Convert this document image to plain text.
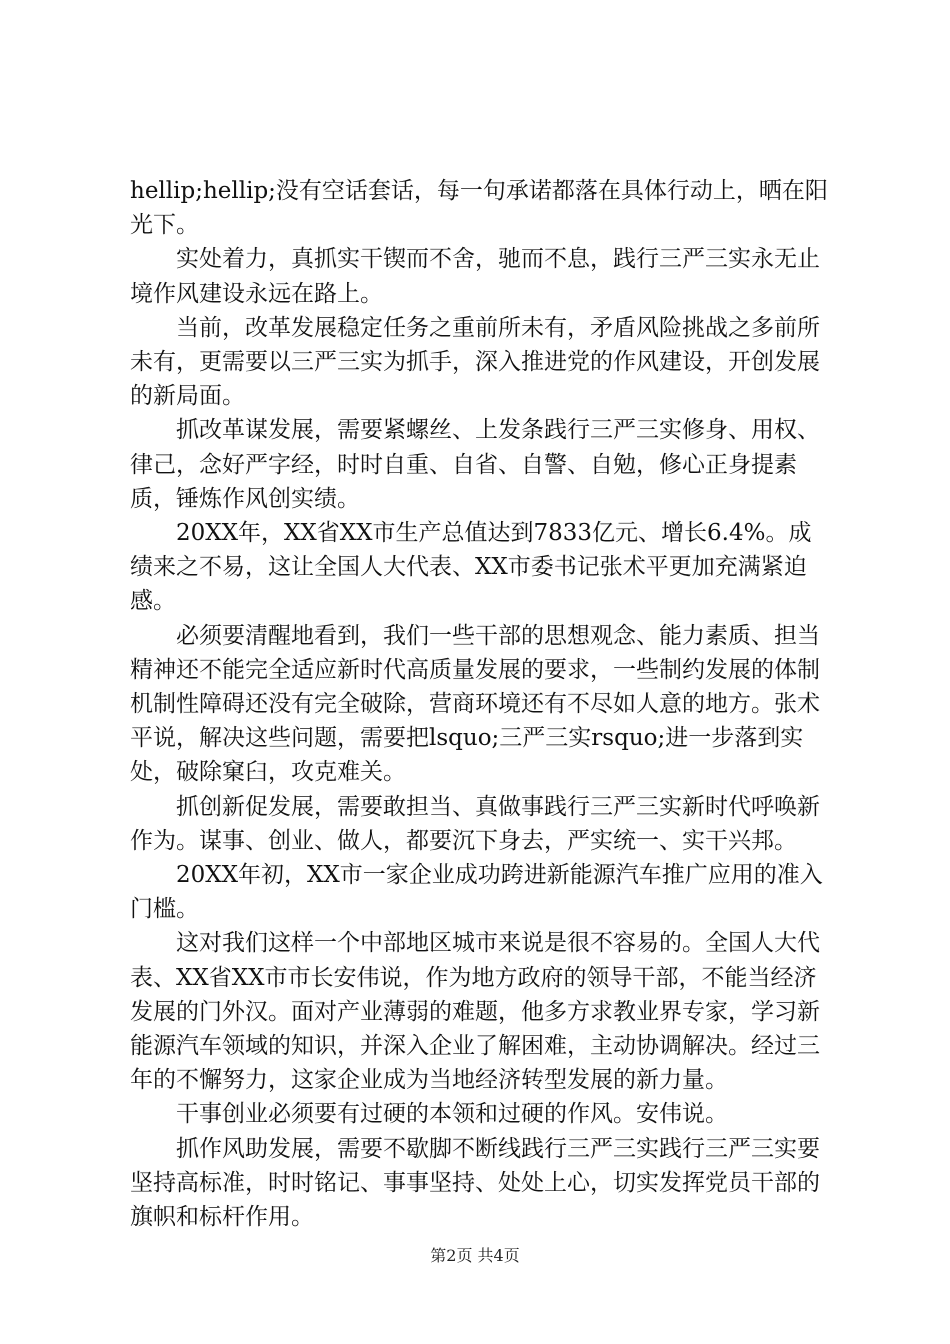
hellip;hellip;没有空话套话，每一句承诺都落在具体行动上，晒在阳光下。

实处着力，真抓实干锲而不舍，驰而不息，践行三严三实永无止境作风建设永远在路上。

当前，改革发展稳定任务之重前所未有，矛盾风险挑战之多前所未有，更需要以三严三实为抓手，深入推进党的作风建设，开创发展的新局面。

抓改革谋发展，需要紧螺丝、上发条践行三严三实修身、用权、律己，念好严字经，时时自重、自省、自警、自勉，修心正身提素质，锤炼作风创实绩。

20XX年，XX省XX市生产总值达到7833亿元、增长6.4%。成绩来之不易，这让全国人大代表、XX市委书记张术平更加充满紧迫感。

必须要清醒地看到，我们一些干部的思想观念、能力素质、担当精神还不能完全适应新时代高质量发展的要求，一些制约发展的体制机制性障碍还没有完全破除，营商环境还有不尽如人意的地方。张术平说，解决这些问题，需要把lsquo;三严三实rsquo;进一步落到实处，破除窠臼，攻克难关。

抓创新促发展，需要敢担当、真做事践行三严三实新时代呼唤新作为。谋事、创业、做人，都要沉下身去，严实统一、实干兴邦。

20XX年初，XX市一家企业成功跨进新能源汽车推广应用的准入门槛。

这对我们这样一个中部地区城市来说是很不容易的。全国人大代表、XX省XX市市长安伟说，作为地方政府的领导干部，不能当经济发展的门外汉。面对产业薄弱的难题，他多方求教业界专家，学习新能源汽车领域的知识，并深入企业了解困难，主动协调解决。经过三年的不懈努力，这家企业成为当地经济转型发展的新力量。

干事创业必须要有过硬的本领和过硬的作风。安伟说。

抓作风助发展，需要不歇脚不断线践行三严三实践行三严三实要坚持高标准，时时铭记、事事坚持、处处上心，切实发挥党员干部的旗帜和标杆作用。

第2页 共4页
